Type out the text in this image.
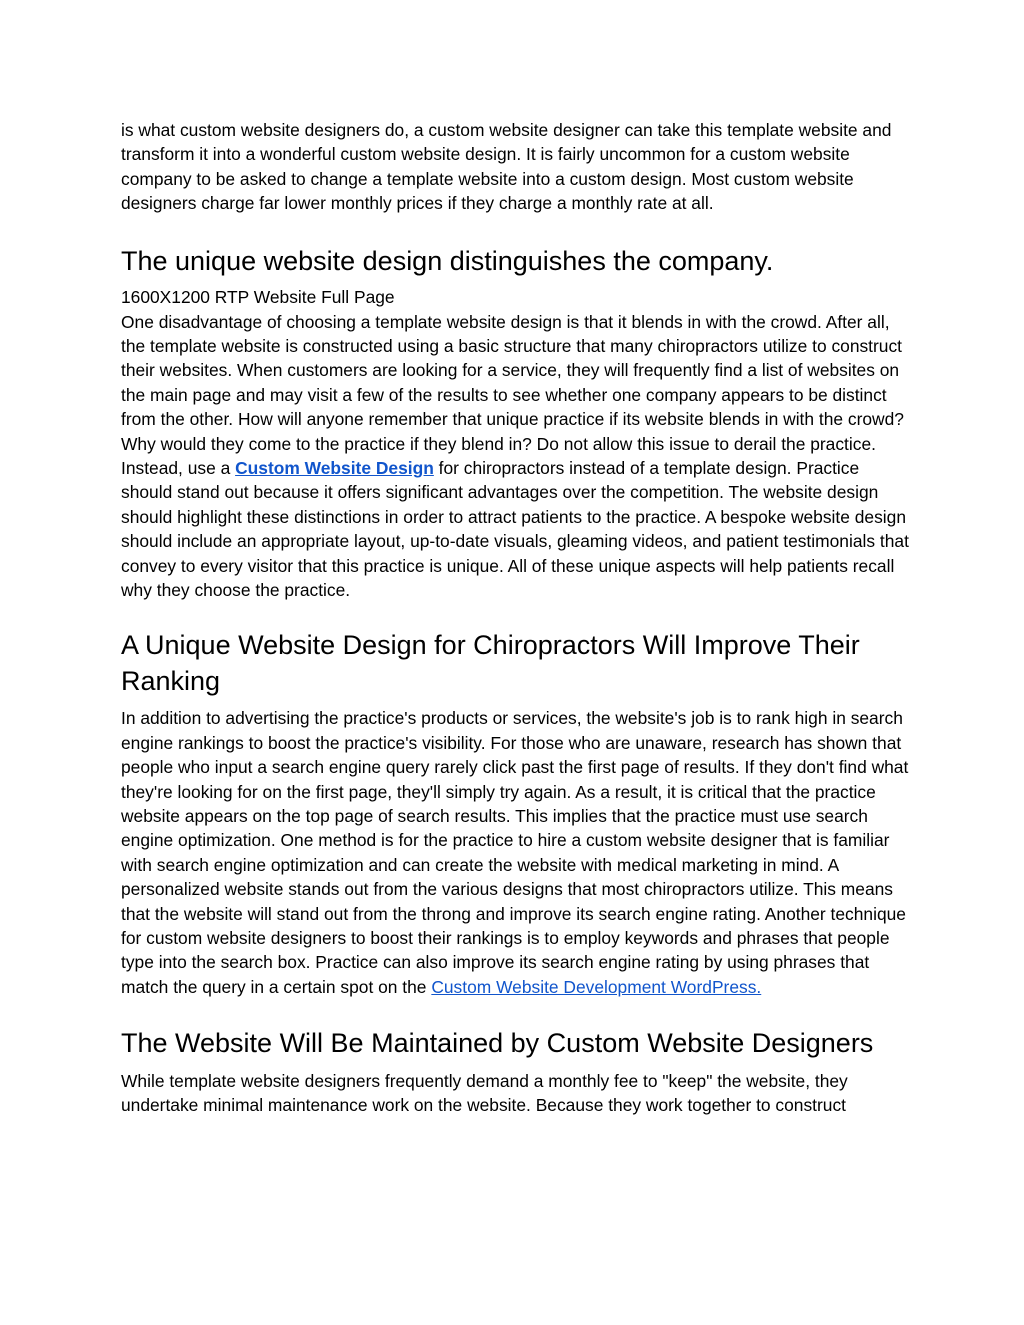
is what custom website designers do, a custom website designer can take this template website and transform it into a wonderful custom website design. It is fairly uncommon for a custom website company to be asked to change a template website into a custom design. Most custom website designers charge far lower monthly prices if they charge a monthly rate at all.

The unique website design distinguishes the company.

1600X1200 RTP Website Full Page
One disadvantage of choosing a template website design is that it blends in with the crowd. After all, the template website is constructed using a basic structure that many chiropractors utilize to construct their websites. When customers are looking for a service, they will frequently find a list of websites on the main page and may visit a few of the results to see whether one company appears to be distinct from the other. How will anyone remember that unique practice if its website blends in with the crowd? Why would they come to the practice if they blend in? Do not allow this issue to derail the practice. Instead, use a Custom Website Design for chiropractors instead of a template design. Practice should stand out because it offers significant advantages over the competition. The website design should highlight these distinctions in order to attract patients to the practice. A bespoke website design should include an appropriate layout, up-to-date visuals, gleaming videos, and patient testimonials that convey to every visitor that this practice is unique. All of these unique aspects will help patients recall why they choose the practice.

A Unique Website Design for Chiropractors Will Improve Their Ranking

In addition to advertising the practice's products or services, the website's job is to rank high in search engine rankings to boost the practice's visibility. For those who are unaware, research has shown that people who input a search engine query rarely click past the first page of results. If they don't find what they're looking for on the first page, they'll simply try again. As a result, it is critical that the practice website appears on the top page of search results. This implies that the practice must use search engine optimization. One method is for the practice to hire a custom website designer that is familiar with search engine optimization and can create the website with medical marketing in mind. A personalized website stands out from the various designs that most chiropractors utilize. This means that the website will stand out from the throng and improve its search engine rating. Another technique for custom website designers to boost their rankings is to employ keywords and phrases that people type into the search box. Practice can also improve its search engine rating by using phrases that match the query in a certain spot on the Custom Website Development WordPress.

The Website Will Be Maintained by Custom Website Designers

While template website designers frequently demand a monthly fee to "keep" the website, they undertake minimal maintenance work on the website. Because they work together to construct
